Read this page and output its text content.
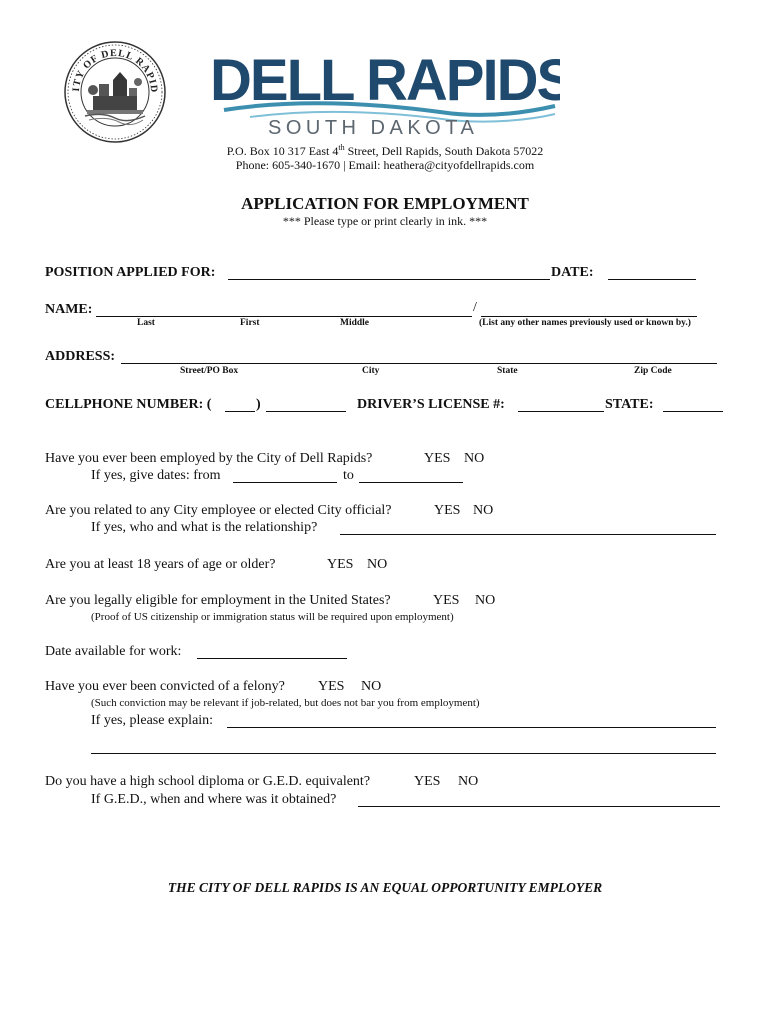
ITY OF DELL RAPID DELL RAPIDS
SOUTH DAKOTA
P.O. Box 10 317 East 4th Street, Dell Rapids, South Dakota 57022
Phone: 605-340-1670 | Email: heathera@cityofdellrapids.com
APPLICATION FOR EMPLOYMENT
*** Please type or print clearly in ink. ***
POSITION APPLIED FOR:	DATE:
NAME:	/
Last	First	Middle	(List any other names previously used or known by.)
ADDRESS:
Street/PO Box	City	State	Zip Code
CELLPHONE NUMBER: (	)	DRIVER’S LICENSE #:	STATE:
Have you ever been employed by the City of Dell Rapids?	YES NO
If yes, give dates: from	to
Are you related to any City employee or elected City official?	YES NO
If yes, who and what is the relationship?
Are you at least 18 years of age or older?	YES NO
Are you legally eligible for employment in the United States?	YES NO
(Proof of US citizenship or immigration status will be required upon employment)
Date available for work:
Have you ever been convicted of a felony? YES NO
(Such conviction may be relevant if job-related, but does not bar you from employment)
If yes, please explain:
Do you have a high school diploma or G.E.D. equivalent?	YES NO
If G.E.D., when and where was it obtained?
THE CITY OF DELL RAPIDS IS AN EQUAL OPPORTUNITY EMPLOYER
